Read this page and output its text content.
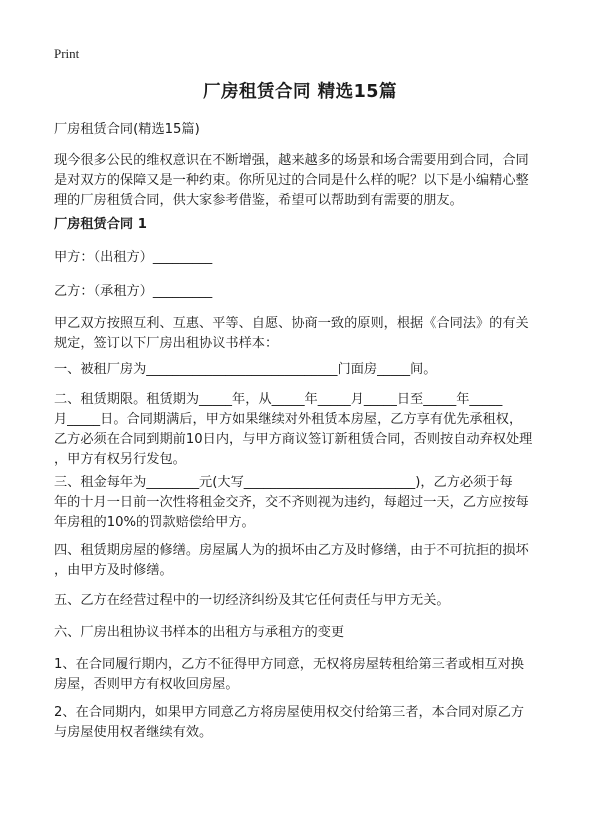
Print
厂房租赁合同 精选15篇
厂房租赁合同(精选15篇)
现今很多公民的维权意识在不断增强，越来越多的场景和场合需要用到合同，合同
是对双方的保障又是一种约束。你所见过的合同是什么样的呢？以下是小编精心整
理的厂房租赁合同，供大家参考借鉴，希望可以帮助到有需要的朋友。
厂房租赁合同 1
甲方：（出租方）_________
乙方：（承租方）_________
甲乙双方按照互利、互惠、平等、自愿、协商一致的原则，根据《合同法》的有关
规定，签订以下厂房出租协议书样本：
一、被租厂房为_____________________________门面房_____间。
二、租赁期限。租赁期为_____年，从_____年_____月_____日至_____年_____
月_____日。合同期满后，甲方如果继续对外租赁本房屋，乙方享有优先承租权，
乙方必须在合同到期前10日内，与甲方商议签订新租赁合同，否则按自动弃权处理
，甲方有权另行发包。
三、租金每年为________元(大写__________________________)，乙方必须于每
年的十月一日前一次性将租金交齐，交不齐则视为违约，每超过一天，乙方应按每
年房租的10%的罚款赔偿给甲方。
四、租赁期房屋的修缮。房屋属人为的损坏由乙方及时修缮，由于不可抗拒的损坏
，由甲方及时修缮。
五、乙方在经营过程中的一切经济纠纷及其它任何责任与甲方无关。
六、厂房出租协议书样本的出租方与承租方的变更
1、在合同履行期内，乙方不征得甲方同意，无权将房屋转租给第三者或相互对换
房屋，否则甲方有权收回房屋。
2、在合同期内，如果甲方同意乙方将房屋使用权交付给第三者，本合同对原乙方
与房屋使用权者继续有效。
